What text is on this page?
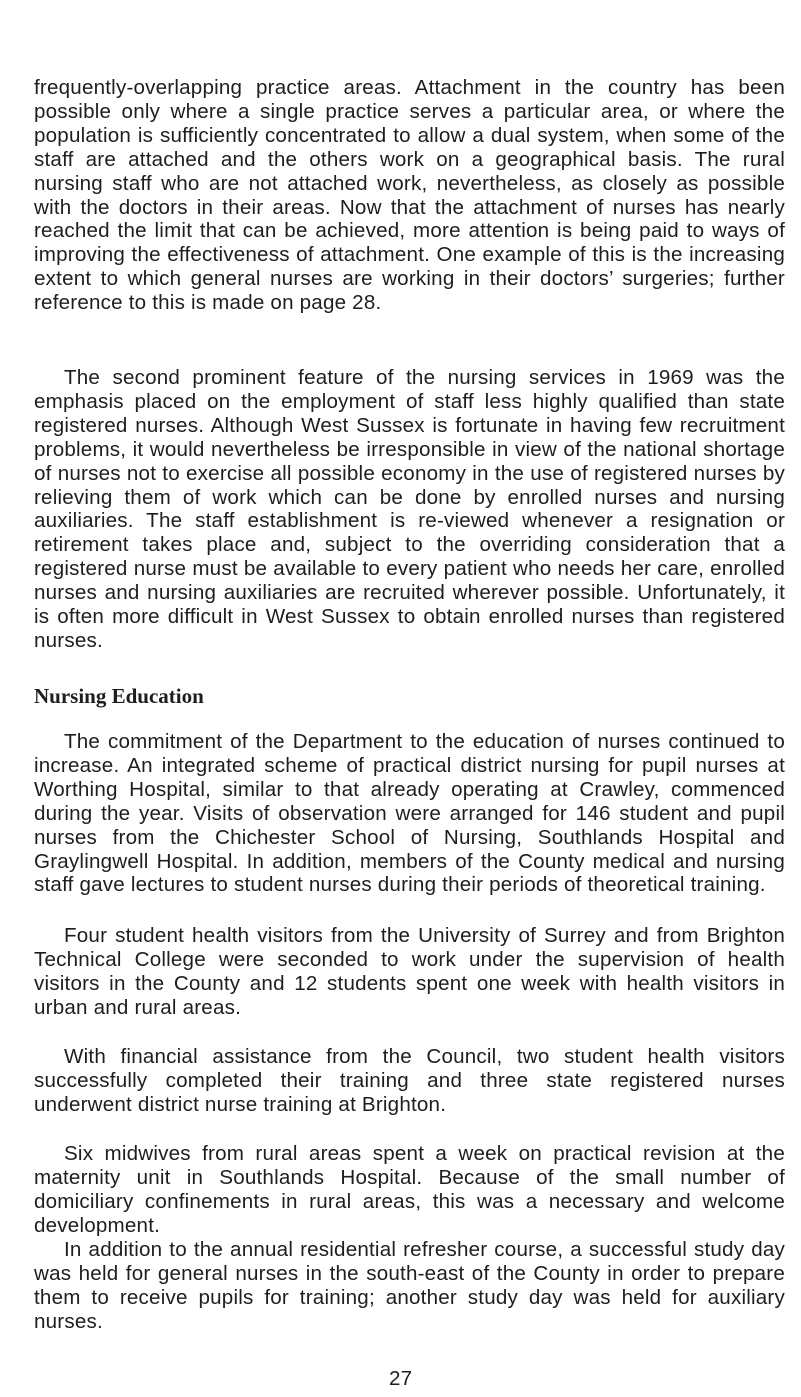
frequently-overlapping practice areas. Attachment in the country has been possible only where a single practice serves a particular area, or where the population is sufficiently concentrated to allow a dual system, when some of the staff are attached and the others work on a geographical basis. The rural nursing staff who are not attached work, nevertheless, as closely as possible with the doctors in their areas. Now that the attachment of nurses has nearly reached the limit that can be achieved, more attention is being paid to ways of improving the effectiveness of attachment. One example of this is the increasing extent to which general nurses are working in their doctors’ surgeries; further reference to this is made on page 28.

The second prominent feature of the nursing services in 1969 was the emphasis placed on the employment of staff less highly qualified than state registered nurses. Although West Sussex is fortunate in having few recruitment problems, it would nevertheless be irresponsible in view of the national shortage of nurses not to exercise all possible economy in the use of registered nurses by relieving them of work which can be done by enrolled nurses and nursing auxiliaries. The staff establishment is re-viewed whenever a resignation or retirement takes place and, subject to the overriding consideration that a registered nurse must be available to every patient who needs her care, enrolled nurses and nursing auxiliaries are recruited wherever possible. Unfortunately, it is often more difficult in West Sussex to obtain enrolled nurses than registered nurses.

Nursing Education

The commitment of the Department to the education of nurses continued to increase. An integrated scheme of practical district nursing for pupil nurses at Worthing Hospital, similar to that already operating at Crawley, commenced during the year. Visits of observation were arranged for 146 student and pupil nurses from the Chichester School of Nursing, Southlands Hospital and Graylingwell Hospital. In addition, members of the County medical and nursing staff gave lectures to student nurses during their periods of theoretical training.

Four student health visitors from the University of Surrey and from Brighton Technical College were seconded to work under the supervision of health visitors in the County and 12 students spent one week with health visitors in urban and rural areas.

With financial assistance from the Council, two student health visitors successfully completed their training and three state registered nurses underwent district nurse training at Brighton.

Six midwives from rural areas spent a week on practical revision at the maternity unit in Southlands Hospital. Because of the small number of domiciliary confinements in rural areas, this was a necessary and welcome development.

In addition to the annual residential refresher course, a successful study day was held for general nurses in the south-east of the County in order to prepare them to receive pupils for training; another study day was held for auxiliary nurses.

27
